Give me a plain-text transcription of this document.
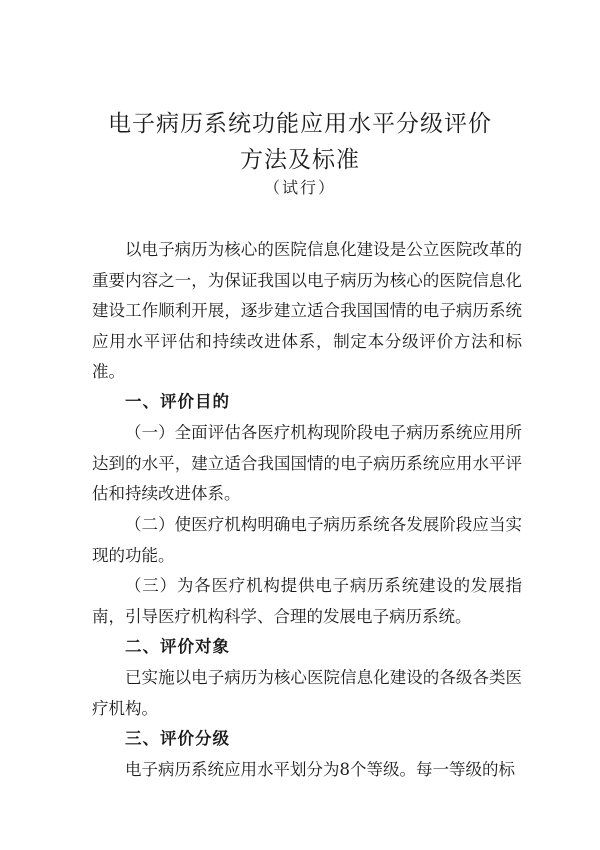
电子病历系统功能应用水平分级评价
方法及标准
（试行）

以电子病历为核心的医院信息化建设是公立医院改革的重要内容之一，为保证我国以电子病历为核心的医院信息化建设工作顺利开展，逐步建立适合我国国情的电子病历系统应用水平评估和持续改进体系，制定本分级评价方法和标准。

一、评价目的

（一）全面评估各医疗机构现阶段电子病历系统应用所达到的水平，建立适合我国国情的电子病历系统应用水平评估和持续改进体系。

（二）使医疗机构明确电子病历系统各发展阶段应当实现的功能。

（三）为各医疗机构提供电子病历系统建设的发展指南，引导医疗机构科学、合理的发展电子病历系统。

二、评价对象

已实施以电子病历为核心医院信息化建设的各级各类医疗机构。

三、评价分级

电子病历系统应用水平划分为8个等级。每一等级的标
